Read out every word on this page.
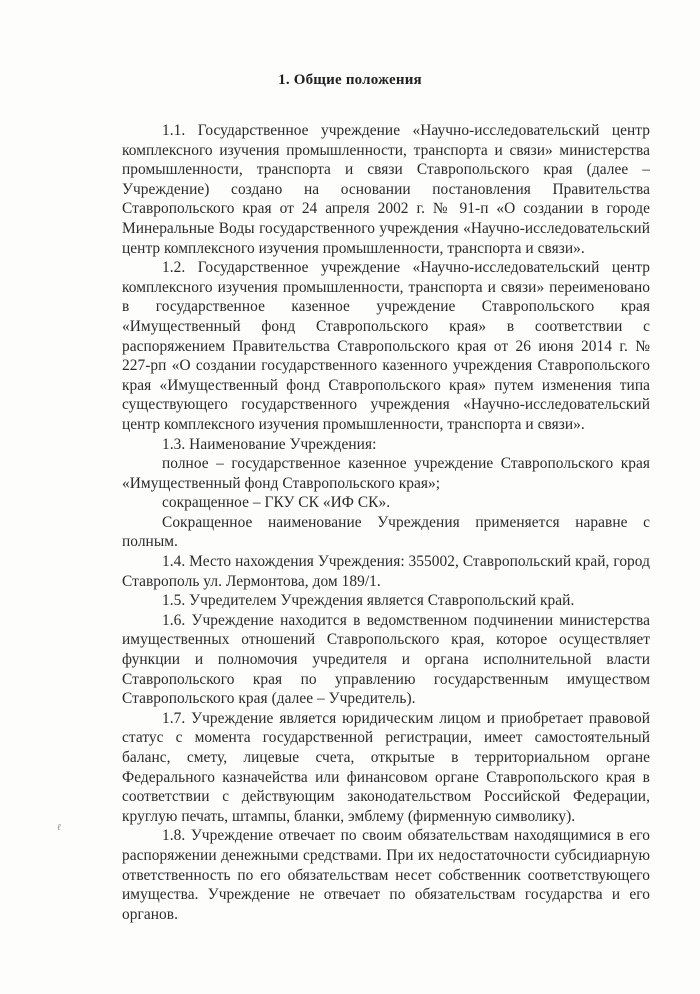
1. Общие положения

1.1. Государственное учреждение «Научно-исследовательский центр комплексного изучения промышленности, транспорта и связи» министерства промышленности, транспорта и связи Ставропольского края (далее – Учреждение) создано на основании постановления Правительства Ставропольского края от 24 апреля 2002 г. № 91-п «О создании в городе Минеральные Воды государственного учреждения «Научно-исследовательский центр комплексного изучения промышленности, транспорта и связи».

1.2. Государственное учреждение «Научно-исследовательский центр комплексного изучения промышленности, транспорта и связи» переименовано в государственное казенное учреждение Ставропольского края «Имущественный фонд Ставропольского края» в соответствии с распоряжением Правительства Ставропольского края от 26 июня 2014 г. № 227-рп «О создании государственного казенного учреждения Ставропольского края «Имущественный фонд Ставропольского края» путем изменения типа существующего государственного учреждения «Научно-исследовательский центр комплексного изучения промышленности, транспорта и связи».

1.3. Наименование Учреждения:

полное – государственное казенное учреждение Ставропольского края «Имущественный фонд Ставропольского края»;

сокращенное – ГКУ СК «ИФ СК».

Сокращенное наименование Учреждения применяется наравне с полным.

1.4. Место нахождения Учреждения: 355002, Ставропольский край, город Ставрополь ул. Лермонтова, дом 189/1.

1.5. Учредителем Учреждения является Ставропольский край.

1.6. Учреждение находится в ведомственном подчинении министерства имущественных отношений Ставропольского края, которое осуществляет функции и полномочия учредителя и органа исполнительной власти Ставропольского края по управлению государственным имуществом Ставропольского края (далее – Учредитель).

1.7. Учреждение является юридическим лицом и приобретает правовой статус с момента государственной регистрации, имеет самостоятельный баланс, смету, лицевые счета, открытые в территориальном органе Федерального казначейства или финансовом органе Ставропольского края в соответствии с действующим законодательством Российской Федерации, круглую печать, штампы, бланки, эмблему (фирменную символику).

1.8. Учреждение отвечает по своим обязательствам находящимися в его распоряжении денежными средствами. При их недостаточности субсидиарную ответственность по его обязательствам несет собственник соответствующего имущества. Учреждение не отвечает по обязательствам государства и его органов.

ℓ
